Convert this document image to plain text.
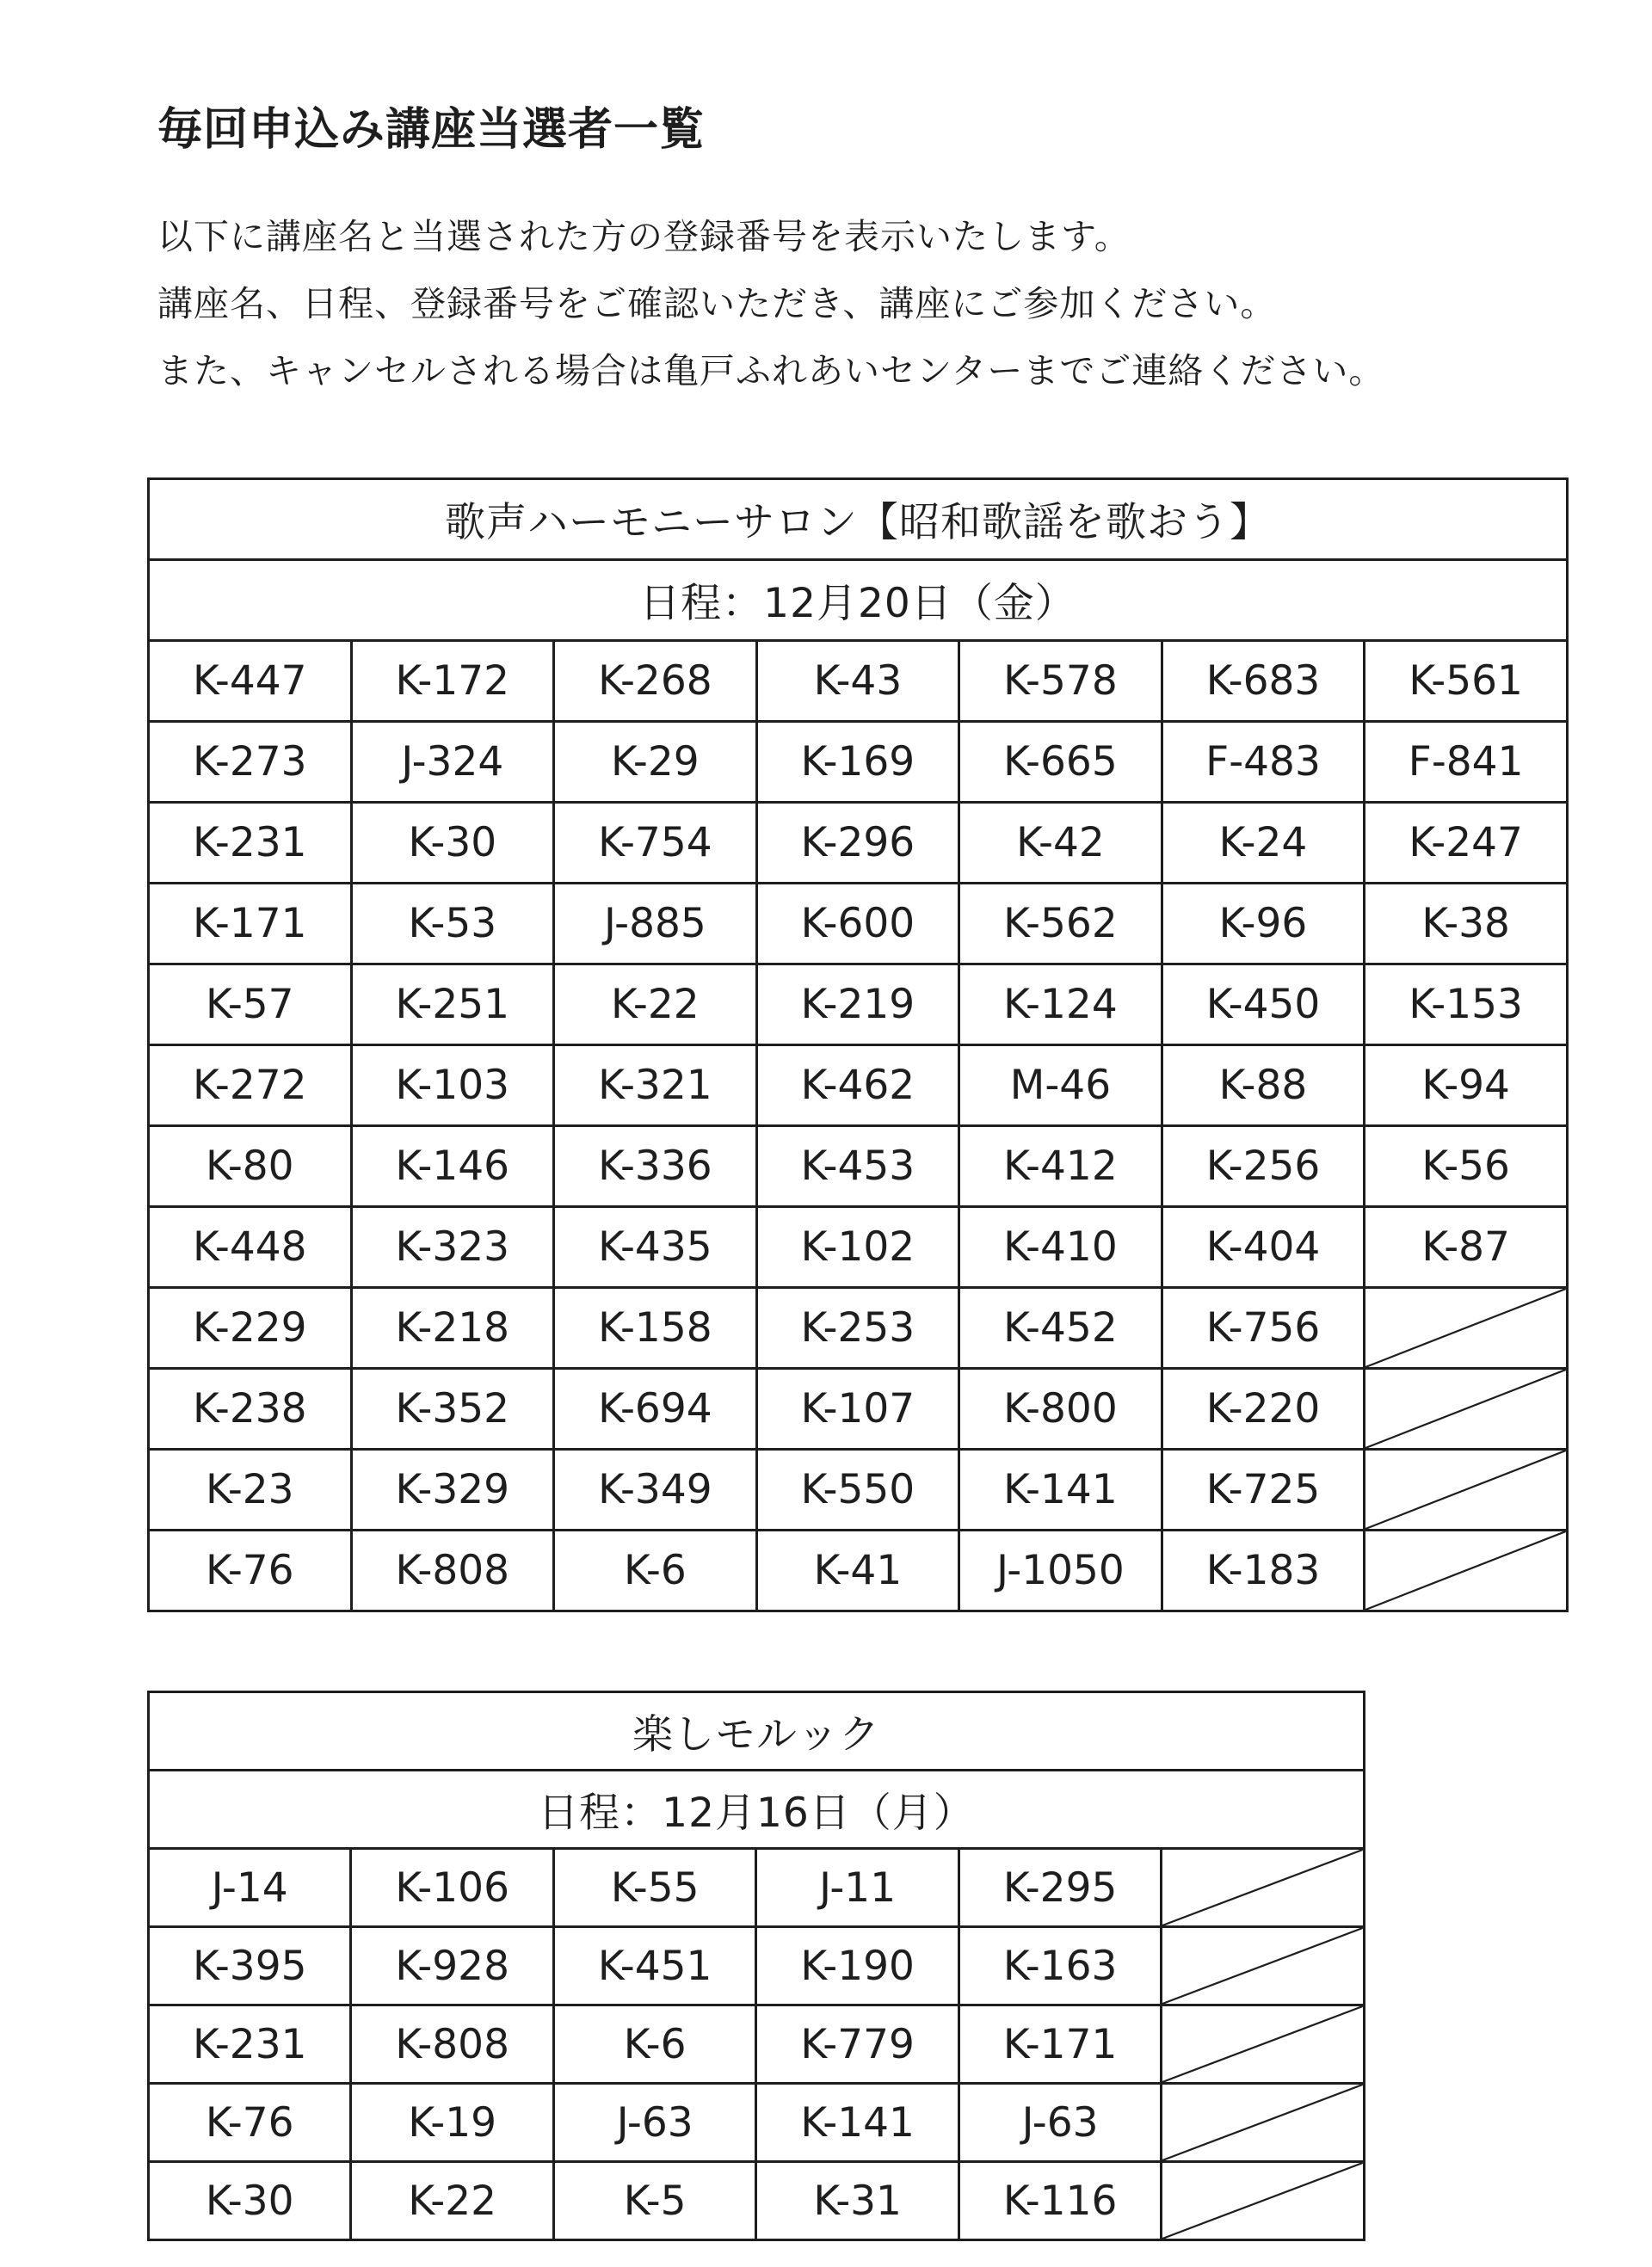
毎回申込み講座当選者一覧
以下に講座名と当選された方の登録番号を表示いたします。
講座名、日程、登録番号をご確認いただき、講座にご参加ください。
また、キャンセルされる場合は亀戸ふれあいセンターまでご連絡ください。
歌声ハーモニーサロン【昭和歌謡を歌おう】						
日程：12月20日（金）						
K-447	K-172	K-268	K-43	K-578	K-683	K-561
K-273	J-324	K-29	K-169	K-665	F-483	F-841
K-231	K-30	K-754	K-296	K-42	K-24	K-247
K-171	K-53	J-885	K-600	K-562	K-96	K-38
K-57	K-251	K-22	K-219	K-124	K-450	K-153
K-272	K-103	K-321	K-462	M-46	K-88	K-94
K-80	K-146	K-336	K-453	K-412	K-256	K-56
K-448	K-323	K-435	K-102	K-410	K-404	K-87
K-229	K-218	K-158	K-253	K-452	K-756	

K-238	K-352	K-694	K-107	K-800	K-220	

K-23	K-329	K-349	K-550	K-141	K-725	

K-76	K-808	K-6	K-41	J-1050	K-183	
楽しモルック					
日程：12月16日（月）					
J-14	K-106	K-55	J-11	K-295	

K-395	K-928	K-451	K-190	K-163	

K-231	K-808	K-6	K-779	K-171	

K-76	K-19	J-63	K-141	J-63	

K-30	K-22	K-5	K-31	K-116	
